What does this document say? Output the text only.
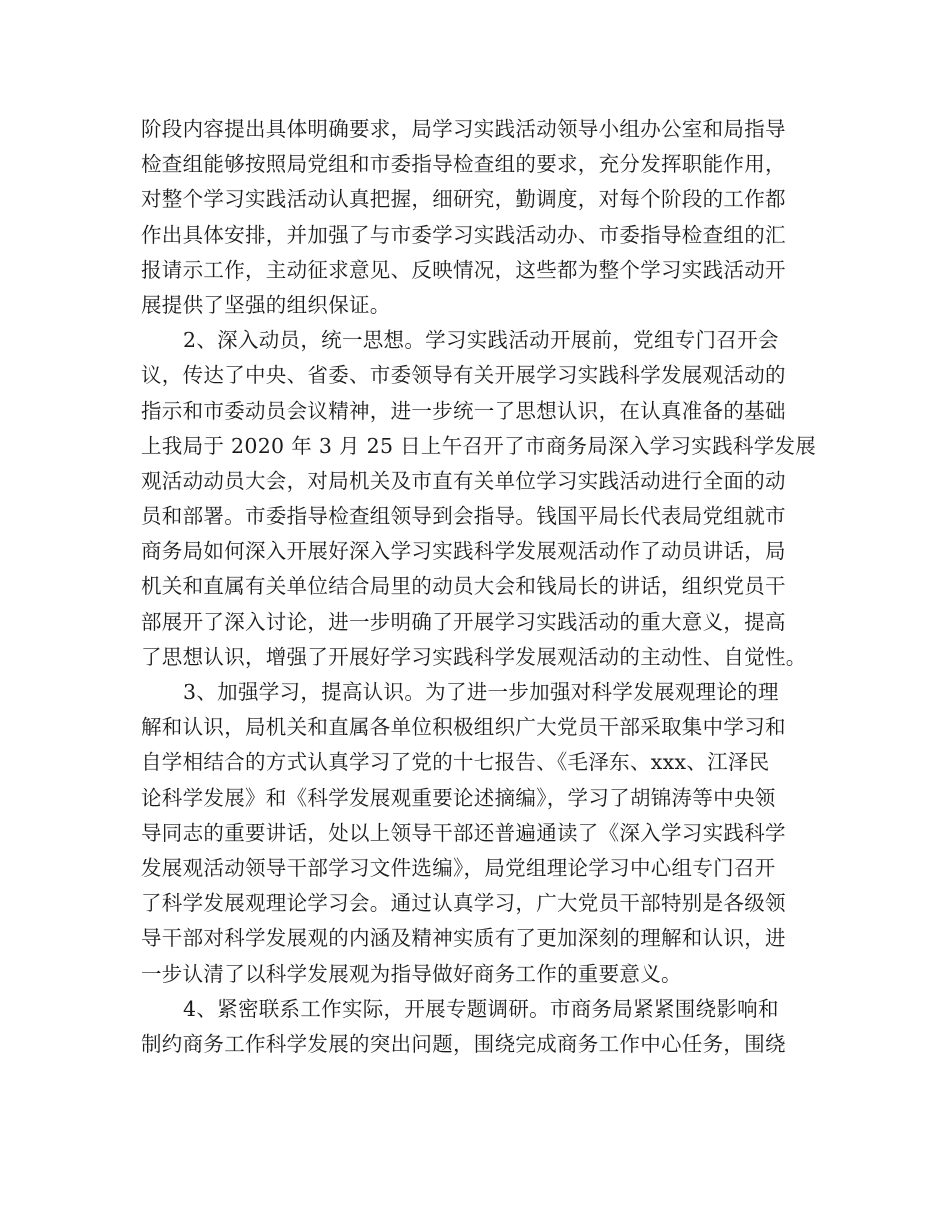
阶段内容提出具体明确要求，局学习实践活动领导小组办公室和局指导
检查组能够按照局党组和市委指导检查组的要求，充分发挥职能作用，
对整个学习实践活动认真把握，细研究，勤调度，对每个阶段的工作都
作出具体安排，并加强了与市委学习实践活动办、市委指导检查组的汇
报请示工作，主动征求意见、反映情况，这些都为整个学习实践活动开
展提供了坚强的组织保证。
2、深入动员，统一思想。学习实践活动开展前，党组专门召开会
议，传达了中央、省委、市委领导有关开展学习实践科学发展观活动的
指示和市委动员会议精神，进一步统一了思想认识，在认真准备的基础
上我局于 2020 年 3 月 25 日上午召开了市商务局深入学习实践科学发展
观活动动员大会，对局机关及市直有关单位学习实践活动进行全面的动
员和部署。市委指导检查组领导到会指导。钱国平局长代表局党组就市
商务局如何深入开展好深入学习实践科学发展观活动作了动员讲话，局
机关和直属有关单位结合局里的动员大会和钱局长的讲话，组织党员干
部展开了深入讨论，进一步明确了开展学习实践活动的重大意义，提高
了思想认识，增强了开展好学习实践科学发展观活动的主动性、自觉性。
3、加强学习，提高认识。为了进一步加强对科学发展观理论的理
解和认识，局机关和直属各单位积极组织广大党员干部采取集中学习和
自学相结合的方式认真学习了党的十七报告、《毛泽东、xxx、江泽民
论科学发展》和《科学发展观重要论述摘编》，学习了胡锦涛等中央领
导同志的重要讲话，处以上领导干部还普遍通读了《深入学习实践科学
发展观活动领导干部学习文件选编》，局党组理论学习中心组专门召开
了科学发展观理论学习会。通过认真学习，广大党员干部特别是各级领
导干部对科学发展观的内涵及精神实质有了更加深刻的理解和认识，进
一步认清了以科学发展观为指导做好商务工作的重要意义。
4、紧密联系工作实际，开展专题调研。市商务局紧紧围绕影响和
制约商务工作科学发展的突出问题，围绕完成商务工作中心任务，围绕
